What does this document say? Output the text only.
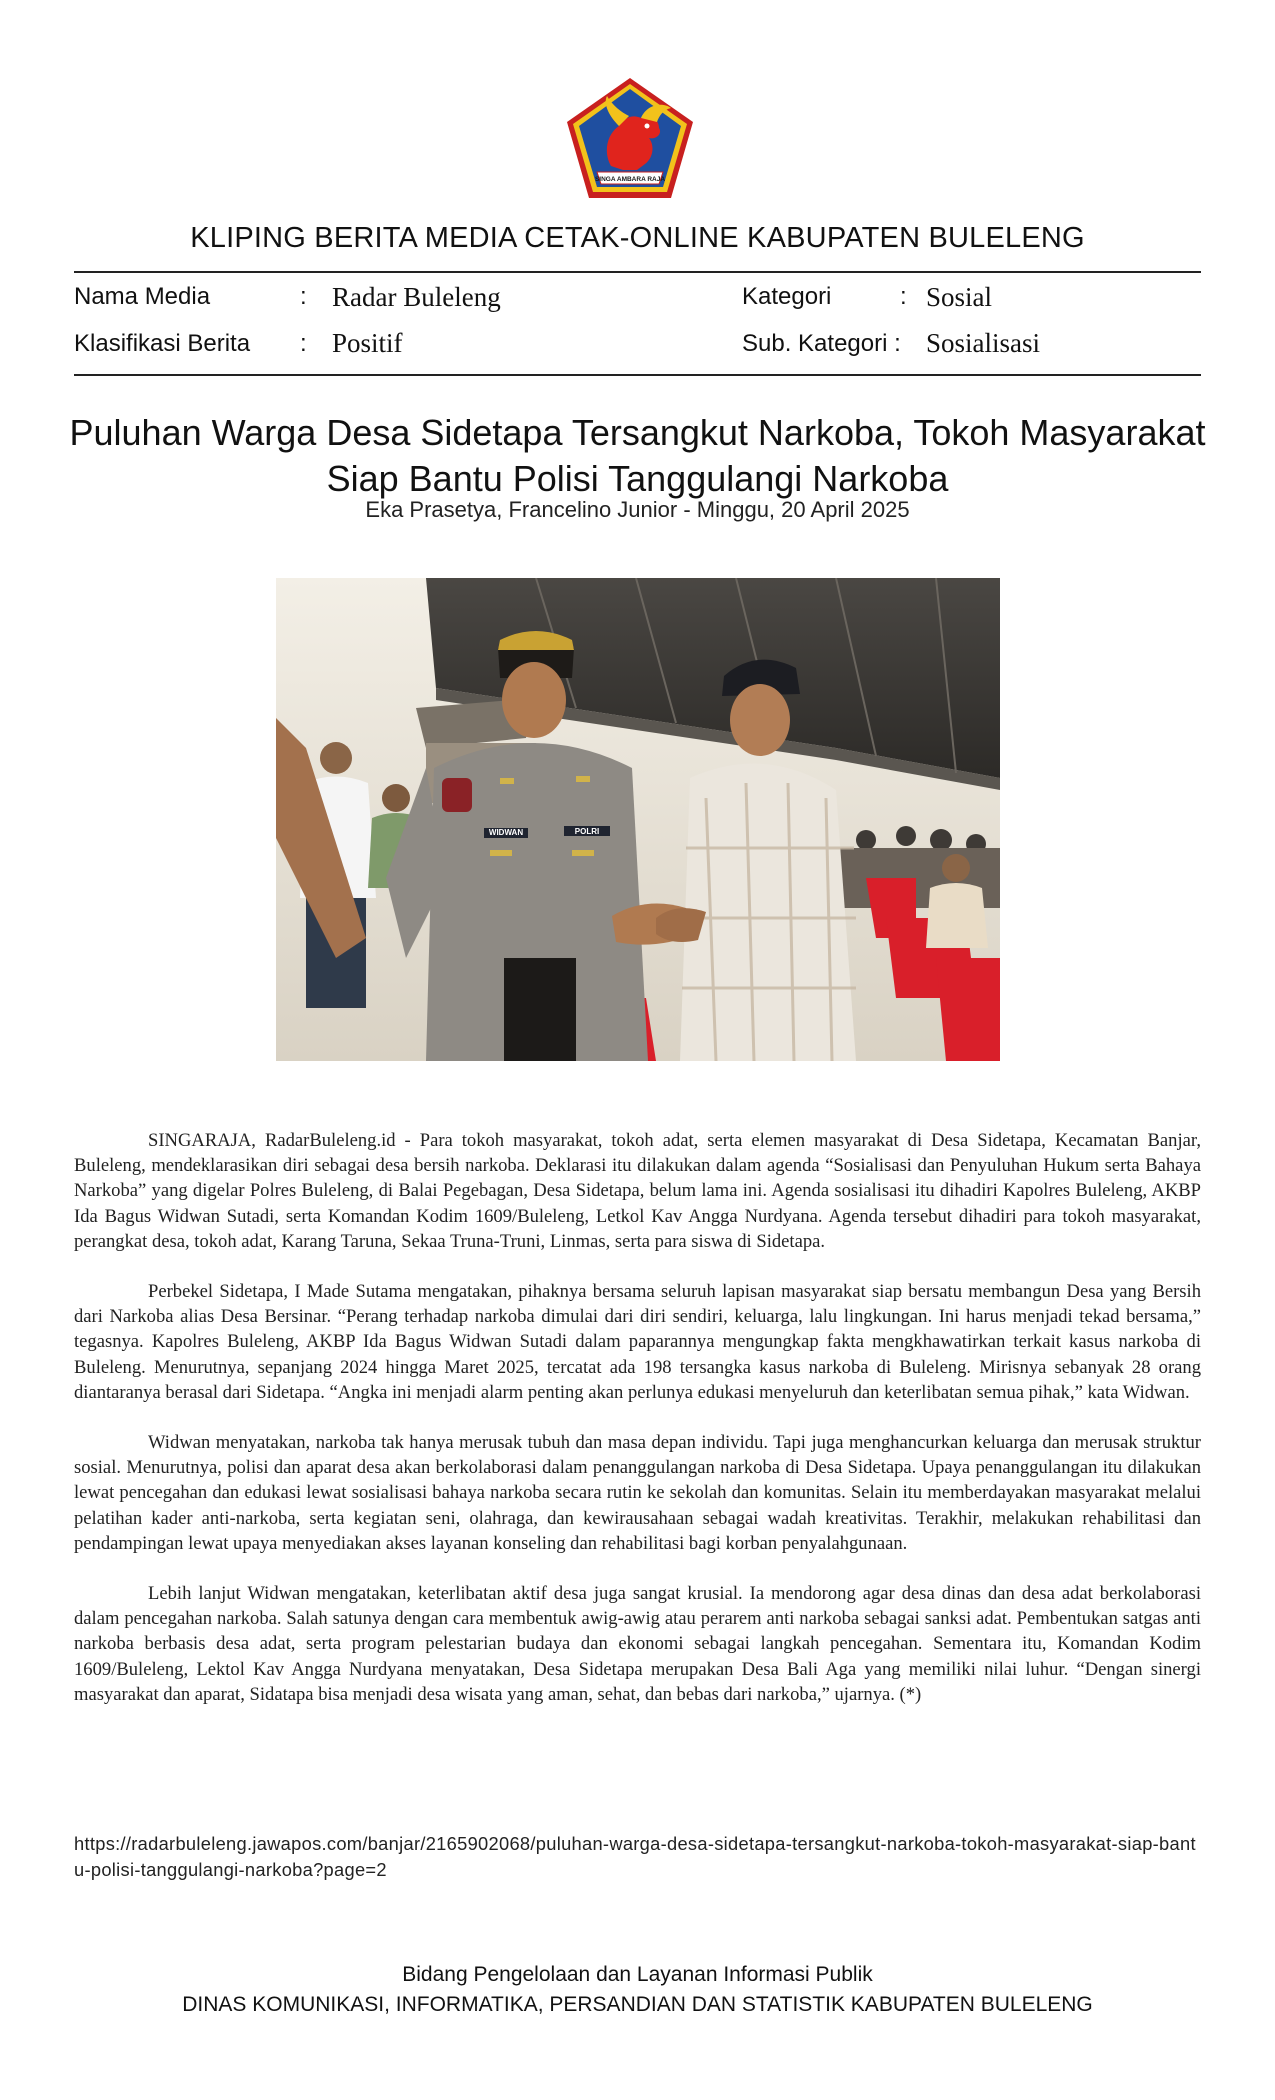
SINGA AMBARA RAJA
KLIPING BERITA MEDIA CETAK-ONLINE KABUPATEN BULELENG
Nama Media	: Radar Buleleng	Kategori	: Sosial
Klasifikasi Berita : Positif	Sub. Kategori : Sosialisasi
Puluhan Warga Desa Sidetapa Tersangkut Narkoba, Tokoh Masyarakat
Siap Bantu Polisi Tanggulangi Narkoba
Eka Prasetya, Francelino Junior - Minggu, 20 April 2025
WIDWAN	POLRI

SINGARAJA, RadarBuleleng.id - Para tokoh masyarakat, tokoh adat, serta elemen masyarakat di Desa Sidetapa, Kecamatan Banjar, Buleleng, mendeklarasikan diri sebagai desa bersih narkoba. Deklarasi itu dilakukan dalam agenda “Sosialisasi dan Penyuluhan Hukum serta Bahaya Narkoba” yang digelar Polres Buleleng, di Balai Pegebagan, Desa Sidetapa, belum lama ini. Agenda sosialisasi itu dihadiri Kapolres Buleleng, AKBP Ida Bagus Widwan Sutadi, serta Komandan Kodim 1609/Buleleng, Letkol Kav Angga Nurdyana. Agenda tersebut dihadiri para tokoh masyarakat, perangkat desa, tokoh adat, Karang Taruna, Sekaa Truna-Truni, Linmas, serta para siswa di Sidetapa.

Perbekel Sidetapa, I Made Sutama mengatakan, pihaknya bersama seluruh lapisan masyarakat siap bersatu membangun Desa yang Bersih dari Narkoba alias Desa Bersinar. “Perang terhadap narkoba dimulai dari diri sendiri, keluarga, lalu lingkungan. Ini harus menjadi tekad bersama,” tegasnya. Kapolres Buleleng, AKBP Ida Bagus Widwan Sutadi dalam paparannya mengungkap fakta mengkhawatirkan terkait kasus narkoba di Buleleng. Menurutnya, sepanjang 2024 hingga Maret 2025, tercatat ada 198 tersangka kasus narkoba di Buleleng. Mirisnya sebanyak 28 orang diantaranya berasal dari Sidetapa. “Angka ini menjadi alarm penting akan perlunya edukasi menyeluruh dan keterlibatan semua pihak,” kata Widwan.

Widwan menyatakan, narkoba tak hanya merusak tubuh dan masa depan individu. Tapi juga menghancurkan keluarga dan merusak struktur sosial. Menurutnya, polisi dan aparat desa akan berkolaborasi dalam penanggulangan narkoba di Desa Sidetapa. Upaya penanggulangan itu dilakukan lewat pencegahan dan edukasi lewat sosialisasi bahaya narkoba secara rutin ke sekolah dan komunitas. Selain itu memberdayakan masyarakat melalui pelatihan kader anti-narkoba, serta kegiatan seni, olahraga, dan kewirausahaan sebagai wadah kreativitas. Terakhir, melakukan rehabilitasi dan pendampingan lewat upaya menyediakan akses layanan konseling dan rehabilitasi bagi korban penyalahgunaan.

Lebih lanjut Widwan mengatakan, keterlibatan aktif desa juga sangat krusial. Ia mendorong agar desa dinas dan desa adat berkolaborasi dalam pencegahan narkoba. Salah satunya dengan cara membentuk awig-awig atau perarem anti narkoba sebagai sanksi adat. Pembentukan satgas anti narkoba berbasis desa adat, serta program pelestarian budaya dan ekonomi sebagai langkah pencegahan. Sementara itu, Komandan Kodim 1609/Buleleng, Lektol Kav Angga Nurdyana menyatakan, Desa Sidetapa merupakan Desa Bali Aga yang memiliki nilai luhur. “Dengan sinergi masyarakat dan aparat, Sidatapa bisa menjadi desa wisata yang aman, sehat, dan bebas dari narkoba,” ujarnya. (*)

https://radarbuleleng.jawapos.com/banjar/2165902068/puluhan-warga-desa-sidetapa-tersangkut-narkoba-tokoh-masyarakat-siap-bantu-polisi-tanggulangi-narkoba?page=2
Bidang Pengelolaan dan Layanan Informasi Publik
DINAS KOMUNIKASI, INFORMATIKA, PERSANDIAN DAN STATISTIK KABUPATEN BULELENG
